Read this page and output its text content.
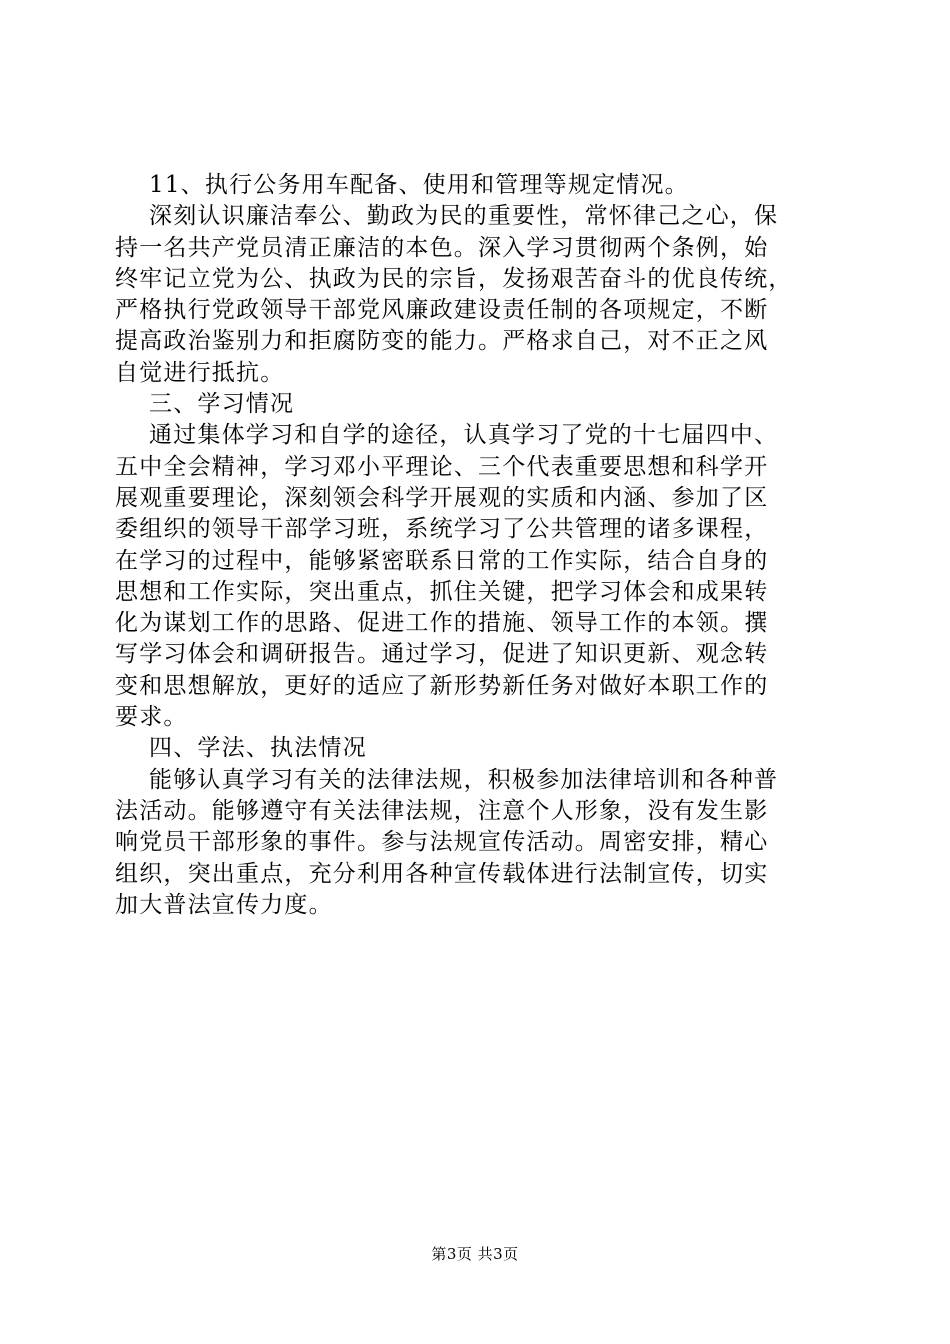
11、执行公务用车配备、使用和管理等规定情况。
深刻认识廉洁奉公、勤政为民的重要性，常怀律己之心，保
持一名共产党员清正廉洁的本色。深入学习贯彻两个条例，始
终牢记立党为公、执政为民的宗旨，发扬艰苦奋斗的优良传统，
严格执行党政领导干部党风廉政建设责任制的各项规定，不断
提高政治鉴别力和拒腐防变的能力。严格求自己，对不正之风
自觉进行抵抗。
三、学习情况
通过集体学习和自学的途径，认真学习了党的十七届四中、
五中全会精神，学习邓小平理论、三个代表重要思想和科学开
展观重要理论，深刻领会科学开展观的实质和内涵、参加了区
委组织的领导干部学习班，系统学习了公共管理的诸多课程，
在学习的过程中，能够紧密联系日常的工作实际，结合自身的
思想和工作实际，突出重点，抓住关键，把学习体会和成果转
化为谋划工作的思路、促进工作的措施、领导工作的本领。撰
写学习体会和调研报告。通过学习，促进了知识更新、观念转
变和思想解放，更好的适应了新形势新任务对做好本职工作的
要求。
四、学法、执法情况
能够认真学习有关的法律法规，积极参加法律培训和各种普
法活动。能够遵守有关法律法规，注意个人形象，没有发生影
响党员干部形象的事件。参与法规宣传活动。周密安排，精心
组织，突出重点，充分利用各种宣传载体进行法制宣传，切实
加大普法宣传力度。
第3页 共3页
